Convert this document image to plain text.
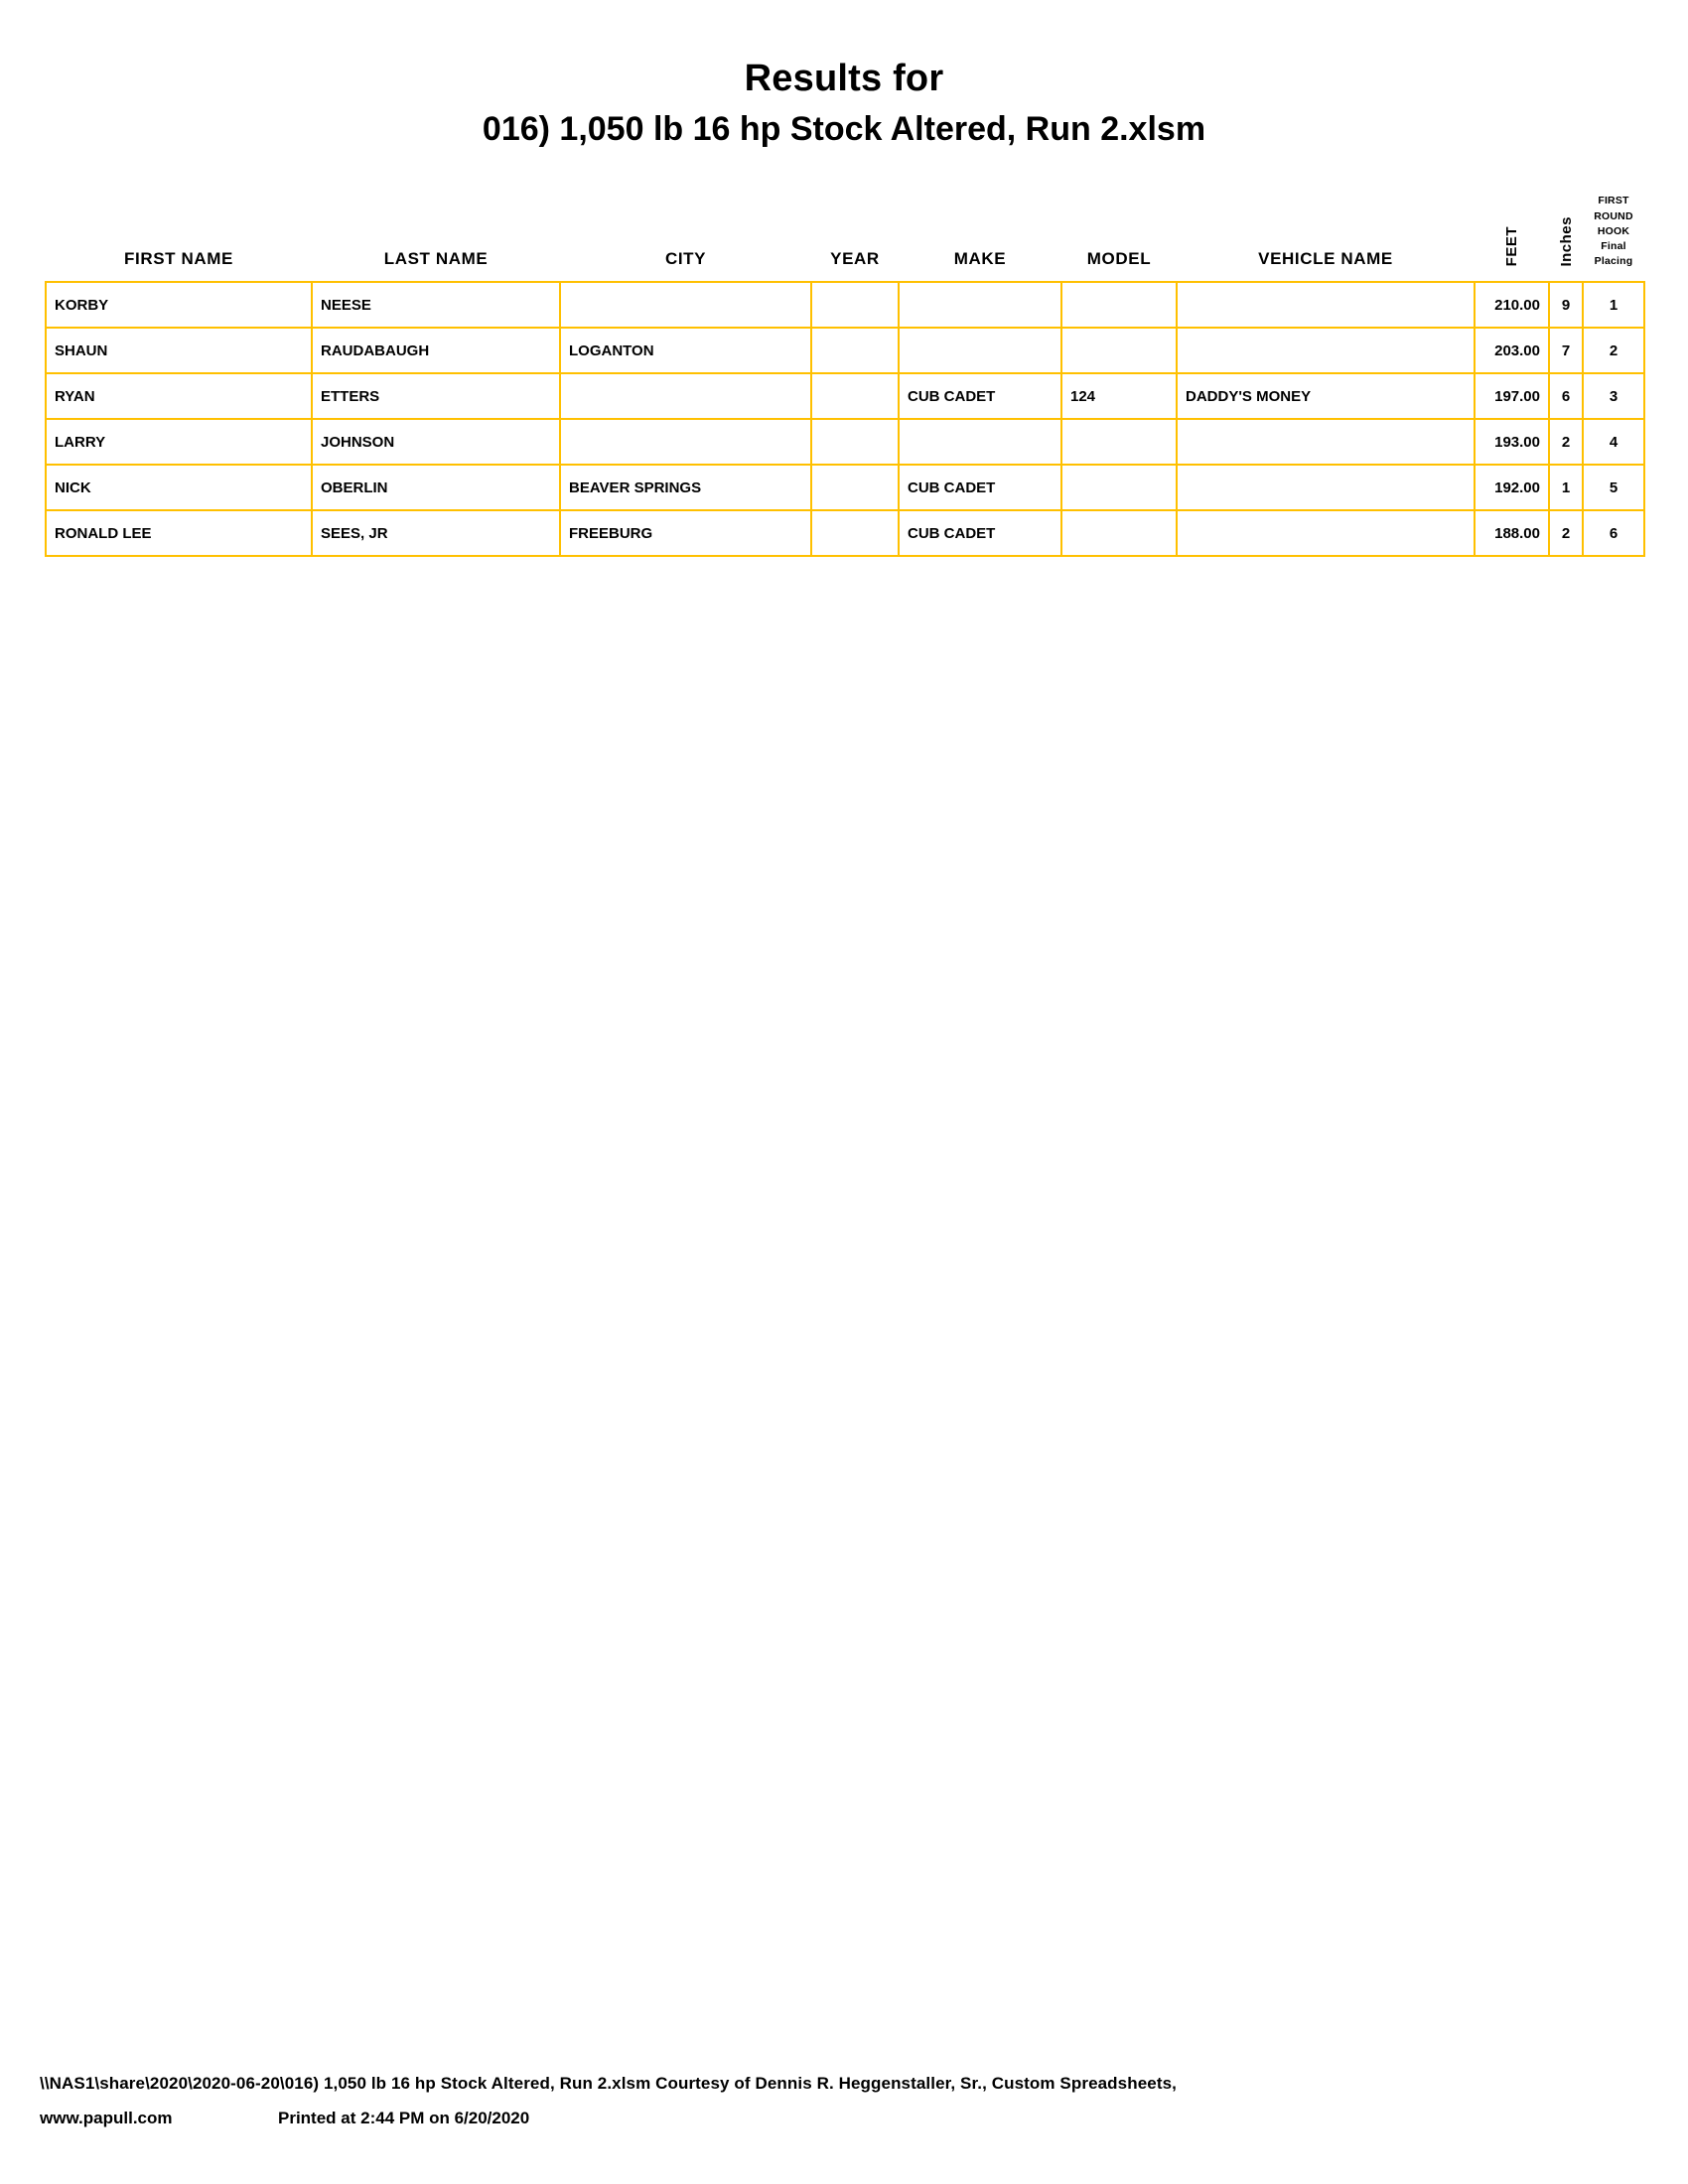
Results for
016) 1,050 lb 16 hp Stock Altered, Run 2.xlsm
FIRST NAME	LAST NAME	CITY	YEAR	MAKE	MODEL	VEHICLE NAME	FEET	Inches	FIRST ROUND
HOOK
Final Placing

KORBY	NEESE						210.00	9	1
SHAUN	RAUDABAUGH	LOGANTON					203.00	7	2
RYAN	ETTERS			CUB CADET	124	DADDY'S MONEY	197.00	6	3
LARRY	JOHNSON						193.00	2	4
NICK	OBERLIN	BEAVER SPRINGS		CUB CADET			192.00	1	5
RONALD LEE	SEES, JR	FREEBURG		CUB CADET			188.00	2	6
\\NAS1\share\2020\2020-06-20\016) 1,050 lb 16 hp Stock Altered, Run 2.xlsm Courtesy of Dennis R. Heggenstaller, Sr., Custom Spreadsheets,
www.papull.com	Printed at 2:44 PM on 6/20/2020
